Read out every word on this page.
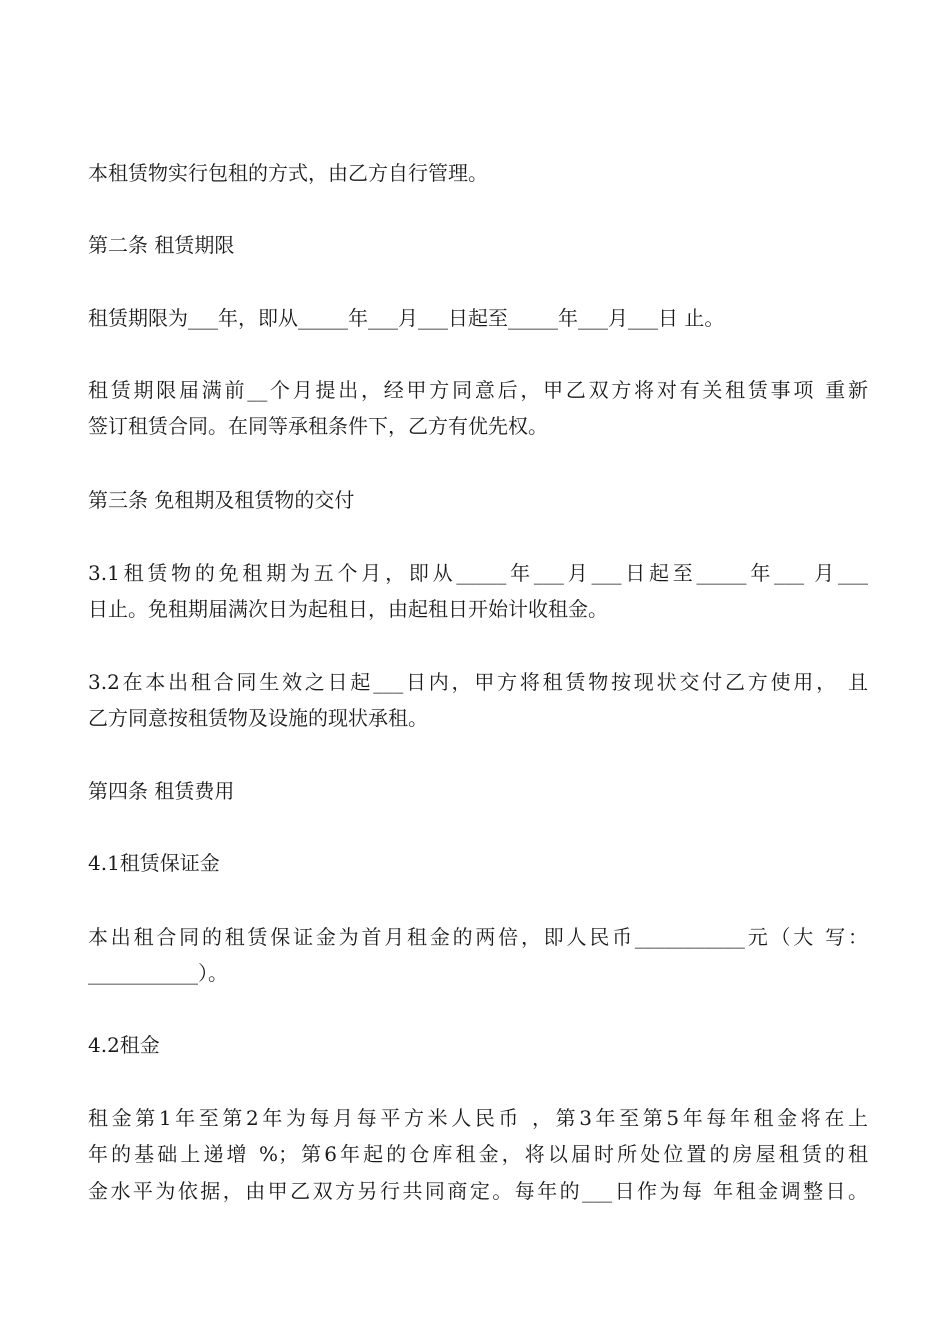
本租赁物实行包租的方式，由乙方自行管理。
第二条 租赁期限
租赁期限为___年，即从_____年___月___日起至_____年___月___日 止。
租赁期限届满前__个月提出，经甲方同意后，甲乙双方将对有关租赁事项 重新
签订租赁合同。在同等承租条件下，乙方有优先权。
第三条 免租期及租赁物的交付
3.1租赁物的免租期为五个月，即从_____年___月___日起至_____年___ 月___
日止。免租期届满次日为起租日，由起租日开始计收租金。
3.2在本出租合同生效之日起___日内，甲方将租赁物按现状交付乙方使用， 且
乙方同意按租赁物及设施的现状承租。
第四条 租赁费用
4.1租赁保证金
本出租合同的租赁保证金为首月租金的两倍，即人民币___________元（大 写：
___________）。
4.2租金
租金第1年至第2年为每月每平方米人民币 ，第3年至第5年每年租金将在上
年的基础上递增 %；第6年起的仓库租金，将以届时所处位置的房屋租赁的租
金水平为依据，由甲乙双方另行共同商定。每年的___日作为每 年租金调整日。
